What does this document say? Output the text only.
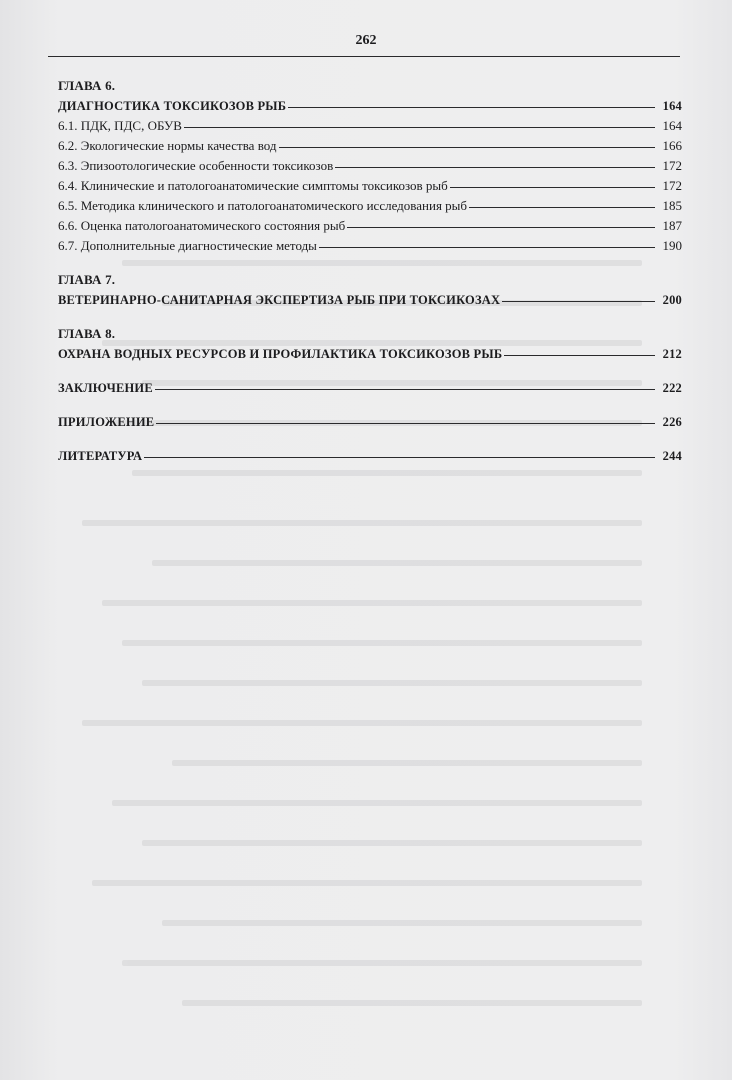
262
ГЛАВА 6.
ДИАГНОСТИКА ТОКСИКОЗОВ РЫБ	164
6.1. ПДК, ПДС, ОБУВ	164
6.2. Экологические нормы качества вод	166
6.3. Эпизоотологические особенности токсикозов	172
6.4. Клинические и патологоанатомические симптомы токсикозов рыб	172
6.5. Методика клинического и патологоанатомического исследования рыб	185
6.6. Оценка патологоанатомического состояния рыб	187
6.7. Дополнительные диагностические методы	190
ГЛАВА 7.
ВЕТЕРИНАРНО-САНИТАРНАЯ ЭКСПЕРТИЗА РЫБ ПРИ ТОКСИКОЗАХ	200
ГЛАВА 8.
ОХРАНА ВОДНЫХ РЕСУРСОВ И ПРОФИЛАКТИКА ТОКСИКОЗОВ РЫБ	212
ЗАКЛЮЧЕНИЕ	222
ПРИЛОЖЕНИЕ	226
ЛИТЕРАТУРА	244
